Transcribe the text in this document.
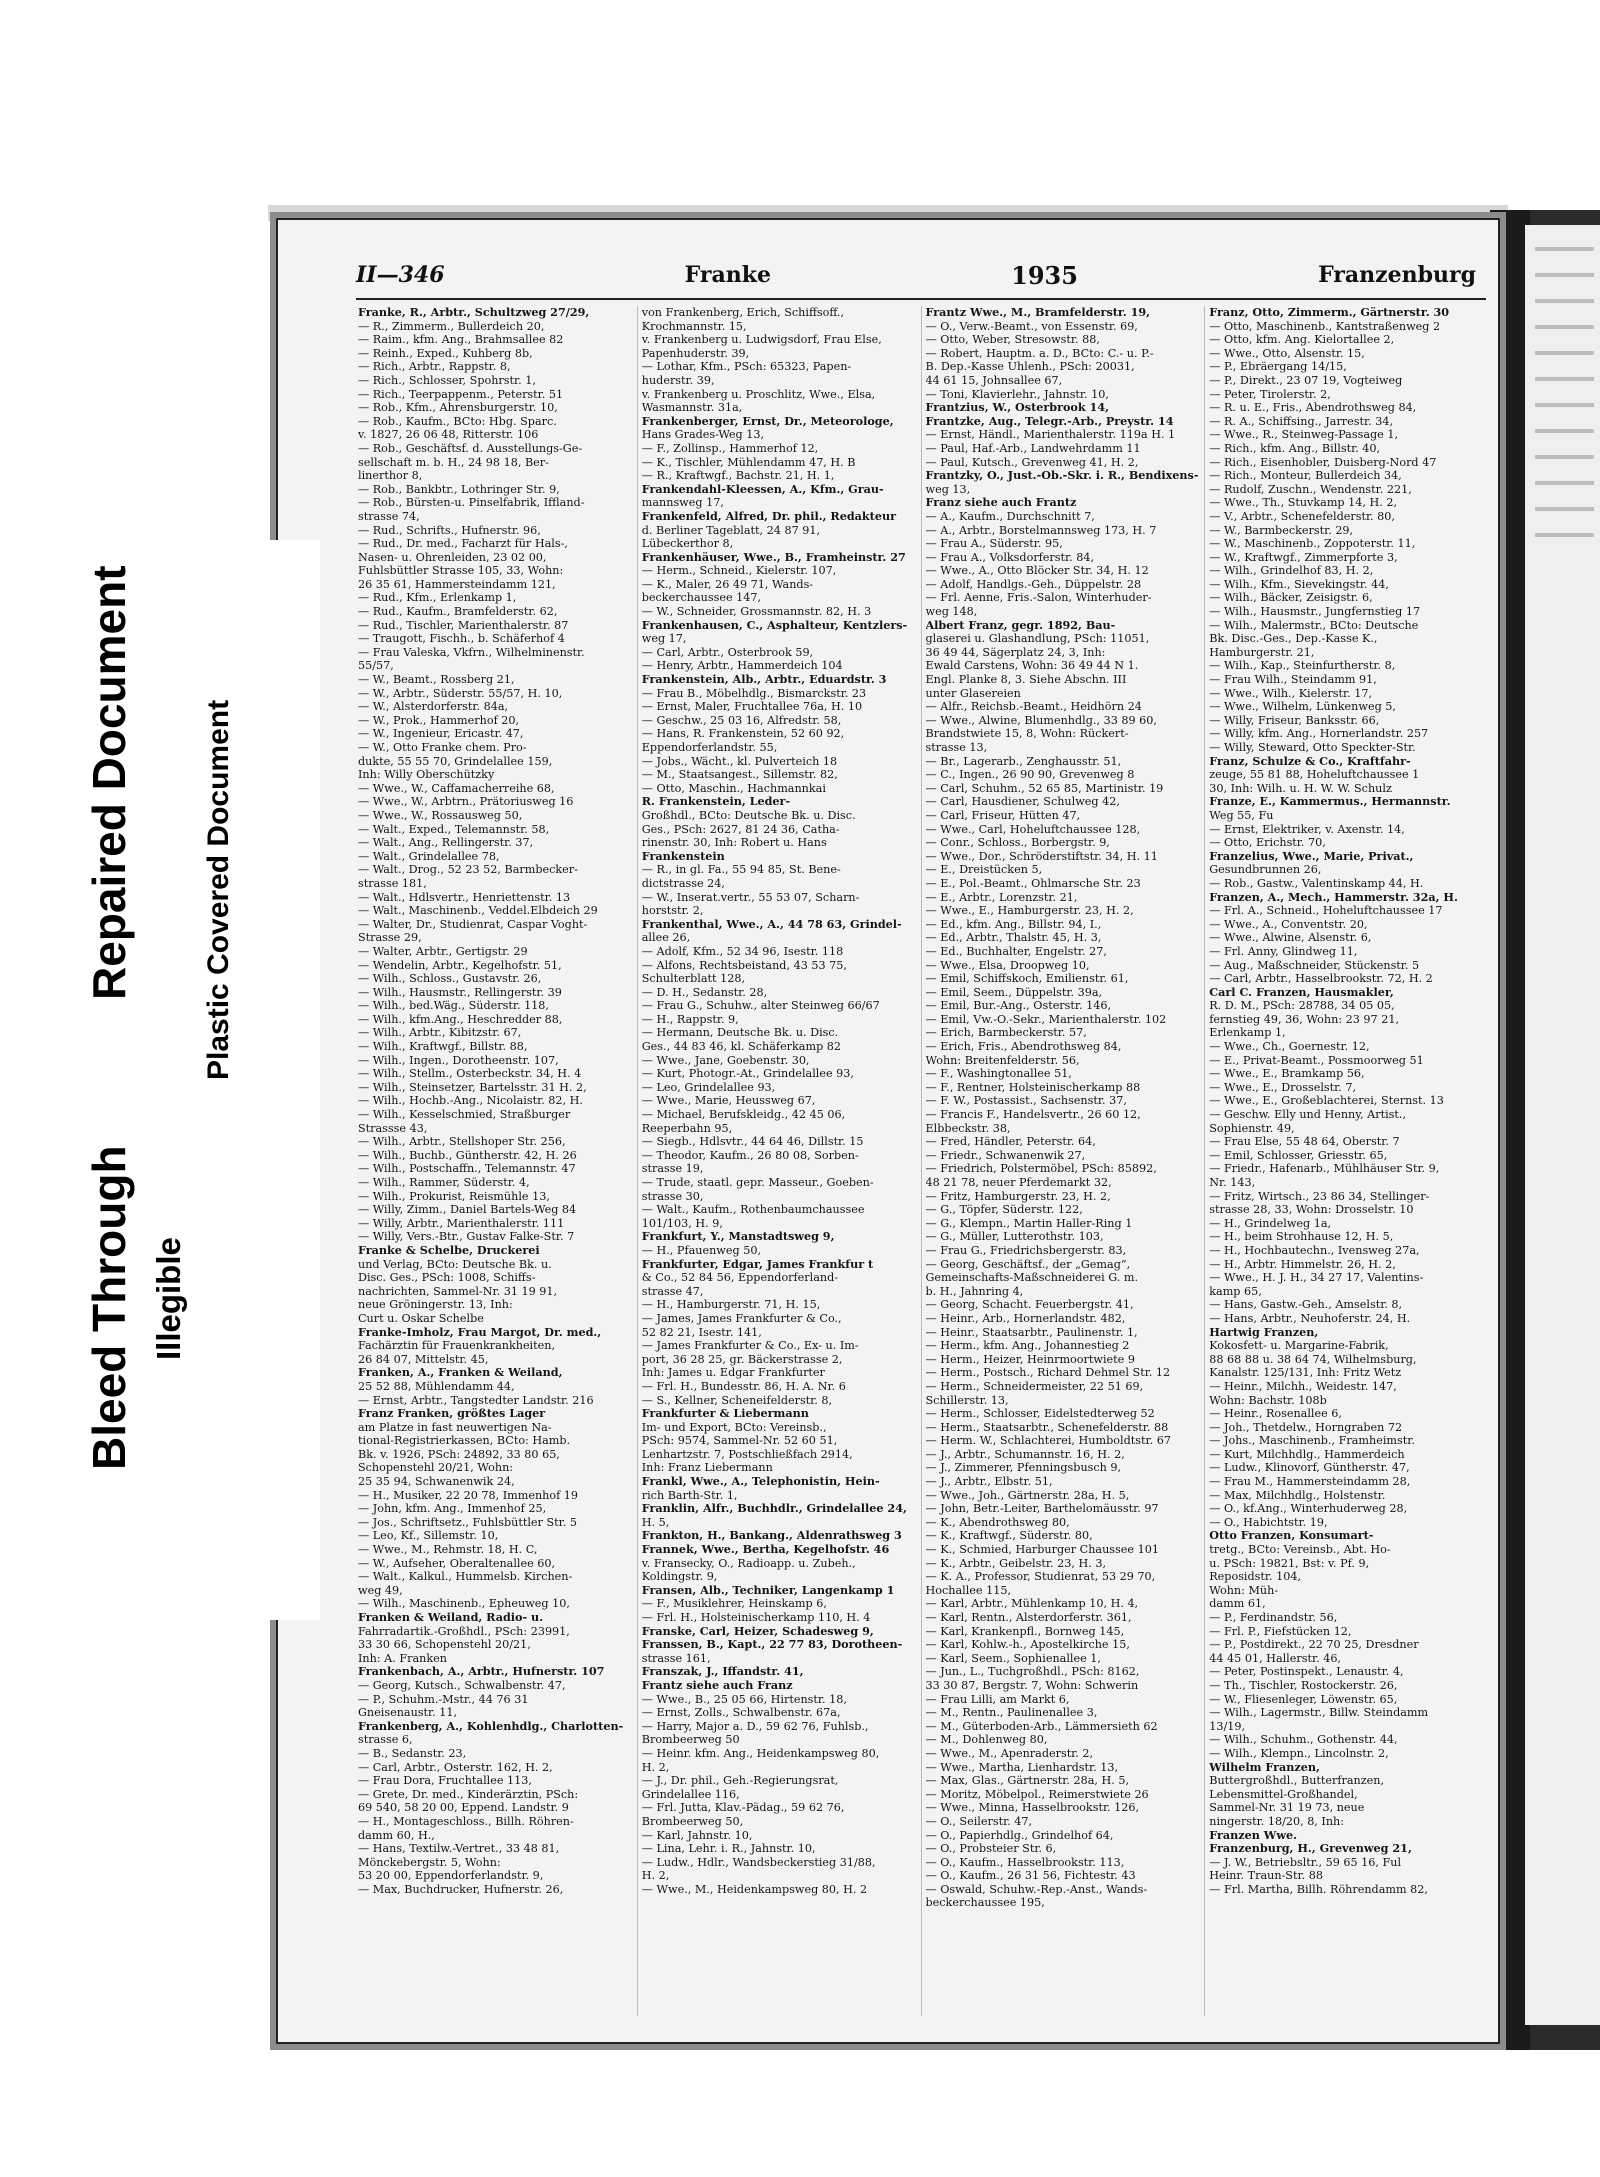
II—346	Franke	1935	Franzenburg
Franke, R., Arbtr., Schultzweg 27/29,
— R., Zimmerm., Bullerdeich 20,
— Raim., kfm. Ang., Brahmsallee 82
— Reinh., Exped., Kuhberg 8b,
— Rich., Arbtr., Rappstr. 8,
— Rich., Schlosser, Spohrstr. 1,
— Rich., Teerpappenm., Peterstr. 51
— Rob., Kfm., Ahrensburgerstr. 10,
— Rob., Kaufm., BCto: Hbg. Sparc.
v. 1827, 26 06 48, Ritterstr. 106
— Rob., Geschäftsf. d. Ausstellungs-Ge-
sellschaft m. b. H., 24 98 18, Ber-
linerthor 8,
— Rob., Bankbtr., Lothringer Str. 9,
— Rob., Bürsten-u. Pinselfabrik, Iffland-
strasse 74,
— Rud., Schrifts., Hufnerstr. 96,
— Rud., Dr. med., Facharzt für Hals-,
Nasen- u. Ohrenleiden, 23 02 00,
Fuhlsbüttler Strasse 105, 33, Wohn:
26 35 61, Hammersteindamm 121,
— Rud., Kfm., Erlenkamp 1,
— Rud., Kaufm., Bramfelderstr. 62,
— Rud., Tischler, Marienthalerstr. 87
— Traugott, Fischh., b. Schäferhof 4
— Frau Valeska, Vkfrn., Wilhelminenstr.
55/57,
— W., Beamt., Rossberg 21,
— W., Arbtr., Süderstr. 55/57, H. 10,
— W., Alsterdorferstr. 84a,
— W., Prok., Hammerhof 20,
— W., Ingenieur, Ericastr. 47,
— W., Otto Franke chem. Pro-
dukte, 55 55 70, Grindelallee 159,
Inh: Willy Oberschützky
— Wwe., W., Caffamacherreihe 68,
— Wwe., W., Arbtrn., Prätoriusweg 16
— Wwe., W., Rossausweg 50,
— Walt., Exped., Telemannstr. 58,
— Walt., Ang., Rellingerstr. 37,
— Walt., Grindelallee 78,
— Walt., Drog., 52 23 52, Barmbecker-
strasse 181,
— Walt., Hdlsvertr., Henriettenstr. 13
— Walt., Maschinenb., Veddel.Elbdeich 29
— Walter, Dr., Studienrat, Caspar Voght-
Strasse 29,
— Walter, Arbtr., Gertigstr. 29
— Wendelin, Arbtr., Kegelhofstr. 51,
— Wilh., Schloss., Gustavstr. 26,
— Wilh., Hausmstr., Rellingerstr. 39
— Wilh., bed.Wäg., Süderstr. 118,
— Wilh., kfm.Ang., Heschredder 88,
— Wilh., Arbtr., Kibitzstr. 67,
— Wilh., Kraftwgf., Billstr. 88,
— Wilh., Ingen., Dorotheenstr. 107,
— Wilh., Stellm., Osterbeckstr. 34, H. 4
— Wilh., Steinsetzer, Bartelsstr. 31 H. 2,
— Wilh., Hochb.-Ang., Nicolaistr. 82, H.
— Wilh., Kesselschmied, Straßburger
Strassse 43,
— Wilh., Arbtr., Stellshoper Str. 256,
— Wilh., Buchb., Güntherstr. 42, H. 26
— Wilh., Postschaffn., Telemannstr. 47
— Wilh., Rammer, Süderstr. 4,
— Wilh., Prokurist, Reismühle 13,
— Willy, Zimm., Daniel Bartels-Weg 84
— Willy, Arbtr., Marienthalerstr. 111
— Willy, Vers.-Btr., Gustav Falke-Str. 7
Franke & Schelbe, Druckerei
und Verlag, BCto: Deutsche Bk. u.
Disc. Ges., PSch: 1008, Schiffs-
nachrichten, Sammel-Nr. 31 19 91,
neue Gröningerstr. 13, Inh:
Curt u. Oskar Schelbe
Franke-Imholz, Frau Margot, Dr. med.,
Fachärztin für Frauenkrankheiten,
26 84 07, Mittelstr. 45,
Franken, A., Franken & Weiland,
25 52 88, Mühlendamm 44,
— Ernst, Arbtr., Tangstedter Landstr. 216
Franz Franken, größtes Lager
am Platze in fast neuwertigen Na-
tional-Registrierkassen, BCto: Hamb.
Bk. v. 1926, PSch: 24892, 33 80 65,
Schopenstehl 20/21, Wohn:
25 35 94, Schwanenwik 24,
— H., Musiker, 22 20 78, Immenhof 19
— John, kfm. Ang., Immenhof 25,
— Jos., Schriftsetz., Fuhlsbüttler Str. 5
— Leo, Kf., Sillemstr. 10,
— Wwe., M., Rehmstr. 18, H. C,
— W., Aufseher, Oberaltenallee 60,
— Walt., Kalkul., Hummelsb. Kirchen-
weg 49,
— Wilh., Maschinenb., Epheuweg 10,
Franken & Weiland, Radio- u.
Fahrradartik.-Großhdl., PSch: 23991,
33 30 66, Schopenstehl 20/21,
Inh: A. Franken
Frankenbach, A., Arbtr., Hufnerstr. 107
— Georg, Kutsch., Schwalbenstr. 47,
— P., Schuhm.-Mstr., 44 76 31
Gneisenaustr. 11,
Frankenberg, A., Kohlenhdlg., Charlotten-
strasse 6,
— B., Sedanstr. 23,
— Carl, Arbtr., Osterstr. 162, H. 2,
— Frau Dora, Fruchtallee 113,
— Grete, Dr. med., Kinderärztin, PSch:
69 540, 58 20 00, Eppend. Landstr. 9
— H., Montageschloss., Billh. Röhren-
damm 60, H.,
— Hans, Textilw.-Vertret., 33 48 81,
Mönckebergstr. 5, Wohn:
53 20 00, Eppendorferlandstr. 9,
— Max, Buchdrucker, Hufnerstr. 26,
von Frankenberg, Erich, Schiffsoff.,
Krochmannstr. 15,
v. Frankenberg u. Ludwigsdorf, Frau Else,
Papenhuderstr. 39,
— Lothar, Kfm., PSch: 65323, Papen-
huderstr. 39,
v. Frankenberg u. Proschlitz, Wwe., Elsa,
Wasmannstr. 31a,
Frankenberger, Ernst, Dr., Meteorologe,
Hans Grades-Weg 13,
— F., Zollinsp., Hammerhof 12,
— K., Tischler, Mühlendamm 47, H. B
— R., Kraftwgf., Bachstr. 21, H. 1,
Frankendahl-Kleessen, A., Kfm., Grau-
mannsweg 17,
Frankenfeld, Alfred, Dr. phil., Redakteur
d. Berliner Tageblatt, 24 87 91,
Lübeckerthor 8,
Frankenhäuser, Wwe., B., Framheinstr. 27
— Herm., Schneid., Kielerstr. 107,
— K., Maler, 26 49 71, Wands-
beckerchaussee 147,
— W., Schneider, Grossmannstr. 82, H. 3
Frankenhausen, C., Asphalteur, Kentzlers-
weg 17,
— Carl, Arbtr., Osterbrook 59,
— Henry, Arbtr., Hammerdeich 104
Frankenstein, Alb., Arbtr., Eduardstr. 3
— Frau B., Möbelhdlg., Bismarckstr. 23
— Ernst, Maler, Fruchtallee 76a, H. 10
— Geschw., 25 03 16, Alfredstr. 58,
— Hans, R. Frankenstein, 52 60 92,
Eppendorferlandstr. 55,
— Jobs., Wächt., kl. Pulverteich 18
— M., Staatsangest., Sillemstr. 82,
— Otto, Maschin., Hachmannkai
R. Frankenstein, Leder-
Großhdl., BCto: Deutsche Bk. u. Disc.
Ges., PSch: 2627, 81 24 36, Catha-
rinenstr. 30, Inh: Robert u. Hans
Frankenstein
— R., in gl. Fa., 55 94 85, St. Bene-
dictstrasse 24,
— W., Inserat.vertr., 55 53 07, Scharn-
horststr. 2,
Frankenthal, Wwe., A., 44 78 63, Grindel-
allee 26,
— Adolf, Kfm., 52 34 96, Isestr. 118
— Alfons, Rechtsbeistand, 43 53 75,
Schulterblatt 128,
— D. H., Sedanstr. 28,
— Frau G., Schuhw., alter Steinweg 66/67
— H., Rappstr. 9,
— Hermann, Deutsche Bk. u. Disc.
Ges., 44 83 46, kl. Schäferkamp 82
— Wwe., Jane, Goebenstr. 30,
— Kurt, Photogr.-At., Grindelallee 93,
— Leo, Grindelallee 93,
— Wwe., Marie, Heussweg 67,
— Michael, Berufskleidg., 42 45 06,
Reeperbahn 95,
— Siegb., Hdlsvtr., 44 64 46, Dillstr. 15
— Theodor, Kaufm., 26 80 08, Sorben-
strasse 19,
— Trude, staatl. gepr. Masseur., Goeben-
strasse 30,
— Walt., Kaufm., Rothenbaumchaussee
101/103, H. 9,
Frankfurt, Y., Manstadtsweg 9,
— H., Pfauenweg 50,
Frankfurter, Edgar, James Frankfur t
& Co., 52 84 56, Eppendorferland-
strasse 47,
— H., Hamburgerstr. 71, H. 15,
— James, James Frankfurter & Co.,
52 82 21, Isestr. 141,
— James Frankfurter & Co., Ex- u. Im-
port, 36 28 25, gr. Bäckerstrasse 2,
Inh: James u. Edgar Frankfurter
— Frl. H., Bundesstr. 86, H. A. Nr. 6
— S., Kellner, Scheneifelderstr. 8,
Frankfurter & Liebermann
Im- und Export, BCto: Vereinsb.,
PSch: 9574, Sammel-Nr. 52 60 51,
Lenhartzstr. 7, Postschließfach 2914,
Inh: Franz Liebermann
Frankl, Wwe., A., Telephonistin, Hein-
rich Barth-Str. 1,
Franklin, Alfr., Buchhdlr., Grindelallee 24,
H. 5,
Frankton, H., Bankang., Aldenrathsweg 3
Frannek, Wwe., Bertha, Kegelhofstr. 46
v. Fransecky, O., Radioapp. u. Zubeh.,
Koldingstr. 9,
Fransen, Alb., Techniker, Langenkamp 1
— F., Musiklehrer, Heinskamp 6,
— Frl. H., Holsteinischerkamp 110, H. 4
Franske, Carl, Heizer, Schadesweg 9,
Franssen, B., Kapt., 22 77 83, Dorotheen-
strasse 161,
Franszak, J., Iffandstr. 41,
Frantz siehe auch Franz
— Wwe., B., 25 05 66, Hirtenstr. 18,
— Ernst, Zolls., Schwalbenstr. 67a,
— Harry, Major a. D., 59 62 76, Fuhlsb.,
Brombeerweg 50
— Heinr. kfm. Ang., Heidenkampsweg 80,
H. 2,
— J., Dr. phil., Geh.-Regierungsrat,
Grindelallee 116,
— Frl. Jutta, Klav.-Pädag., 59 62 76,
Brombeerweg 50,
— Karl, Jahnstr. 10,
— Lina, Lehr. i. R., Jahnstr. 10,
— Ludw., Hdlr., Wandsbeckerstieg 31/88,
H. 2,
— Wwe., M., Heidenkampsweg 80, H. 2
Frantz Wwe., M., Bramfelderstr. 19,
— O., Verw.-Beamt., von Essenstr. 69,
— Otto, Weber, Stresowstr. 88,
— Robert, Hauptm. a. D., BCto: C.- u. P.-
B. Dep.-Kasse Uhlenh., PSch: 20031,
44 61 15, Johnsallee 67,
— Toni, Klavierlehr., Jahnstr. 10,
Frantzius, W., Osterbrook 14,
Frantzke, Aug., Telegr.-Arb., Preystr. 14
— Ernst, Händl., Marienthalerstr. 119a H. 1
— Paul, Haf.-Arb., Landwehrdamm 11
— Paul, Kutsch., Grevenweg 41, H. 2,
Frantzky, O., Just.-Ob.-Skr. i. R., Bendixens-
weg 13,
Franz siehe auch Frantz
— A., Kaufm., Durchschnitt 7,
— A., Arbtr., Borstelmannsweg 173, H. 7
— Frau A., Süderstr. 95,
— Frau A., Volksdorferstr. 84,
— Wwe., A., Otto Blöcker Str. 34, H. 12
— Adolf, Handlgs.-Geh., Düppelstr. 28
— Frl. Aenne, Fris.-Salon, Winterhuder-
weg 148,
Albert Franz, gegr. 1892, Bau-
glaserei u. Glashandlung, PSch: 11051,
36 49 44, Sägerplatz 24, 3, Inh:
Ewald Carstens, Wohn: 36 49 44 N 1.
Engl. Planke 8, 3. Siehe Abschn. III
unter Glasereien
— Alfr., Reichsb.-Beamt., Heidhörn 24
— Wwe., Alwine, Blumenhdlg., 33 89 60,
Brandstwiete 15, 8, Wohn: Rückert-
strasse 13,
— Br., Lagerarb., Zenghausstr. 51,
— C., Ingen., 26 90 90, Grevenweg 8
— Carl, Schuhm., 52 65 85, Martinistr. 19
— Carl, Hausdiener, Schulweg 42,
— Carl, Friseur, Hütten 47,
— Wwe., Carl, Hoheluftchaussee 128,
— Conr., Schloss., Borbergstr. 9,
— Wwe., Dor., Schröderstiftstr. 34, H. 11
— E., Dreistücken 5,
— E., Pol.-Beamt., Ohlmarsche Str. 23
— E., Arbtr., Lorenzstr. 21,
— Wwe., E., Hamburgerstr. 23, H. 2,
— Ed., kfm. Ang., Billstr. 94, I.,
— Ed., Arbtr., Thalstr. 45, H. 3,
— Ed., Buchhalter, Engelstr. 27,
— Wwe., Elsa, Droopweg 10,
— Emil, Schiffskoch, Emilienstr. 61,
— Emil, Seem., Düppelstr. 39a,
— Emil, Bur.-Ang., Osterstr. 146,
— Emil, Vw.-O.-Sekr., Marienthalerstr. 102
— Erich, Barmbeckerstr. 57,
— Erich, Fris., Abendrothsweg 84,
Wohn: Breitenfelderstr. 56,
— F., Washingtonallee 51,
— F., Rentner, Holsteinischerkamp 88
— F. W., Postassist., Sachsenstr. 37,
— Francis F., Handelsvertr., 26 60 12,
Elbbeckstr. 38,
— Fred, Händler, Peterstr. 64,
— Friedr., Schwanenwik 27,
— Friedrich, Polstermöbel, PSch: 85892,
48 21 78, neuer Pferdemarkt 32,
— Fritz, Hamburgerstr. 23, H. 2,
— G., Töpfer, Süderstr. 122,
— G., Klempn., Martin Haller-Ring 1
— G., Müller, Lutterothstr. 103,
— Frau G., Friedrichsbergerstr. 83,
— Georg, Geschäftsf., der „Gemag“,
Gemeinschafts-Maßschneiderei G. m.
b. H., Jahnring 4,
— Georg, Schacht. Feuerbergstr. 41,
— Heinr., Arb., Hornerlandstr. 482,
— Heinr., Staatsarbtr., Paulinenstr. 1,
— Herm., kfm. Ang., Johannestieg 2
— Herm., Heizer, Heinrmoortwiete 9
— Herm., Postsch., Richard Dehmel Str. 12
— Herm., Schneidermeister, 22 51 69,
Schillerstr. 13,
— Herm., Schlosser, Eidelstedterweg 52
— Herm., Staatsarbtr., Schenefelderstr. 88
— Herm. W., Schlachterei, Humboldtstr. 67
— J., Arbtr., Schumannstr. 16, H. 2,
— J., Zimmerer, Pfenningsbusch 9,
— J., Arbtr., Elbstr. 51,
— Wwe., Joh., Gärtnerstr. 28a, H. 5,
— John, Betr.-Leiter, Barthelomäusstr. 97
— K., Abendrothsweg 80,
— K., Kraftwgf., Süderstr. 80,
— K., Schmied, Harburger Chaussee 101
— K., Arbtr., Geibelstr. 23, H. 3,
— K. A., Professor, Studienrat, 53 29 70,
Hochallee 115,
— Karl, Arbtr., Mühlenkamp 10, H. 4,
— Karl, Rentn., Alsterdorferstr. 361,
— Karl, Krankenpfl., Bornweg 145,
— Karl, Kohlw.-h., Apostelkirche 15,
— Karl, Seem., Sophienallee 1,
— Jun., L., Tuchgroßhdl., PSch: 8162,
33 30 87, Bergstr. 7, Wohn: Schwerin
— Frau Lilli, am Markt 6,
— M., Rentn., Paulinenallee 3,
— M., Güterboden-Arb., Lämmersieth 62
— M., Dohlenweg 80,
— Wwe., M., Apenraderstr. 2,
— Wwe., Martha, Lienhardstr. 13,
— Max, Glas., Gärtnerstr. 28a, H. 5,
— Moritz, Möbelpol., Reimerstwiete 26
— Wwe., Minna, Hasselbrookstr. 126,
— O., Seilerstr. 47,
— O., Papierhdlg., Grindelhof 64,
— O., Probsteier Str. 6,
— O., Kaufm., Hasselbrookstr. 113,
— O., Kaufm., 26 31 56, Fichtestr. 43
— Oswald, Schuhw.-Rep.-Anst., Wands-
beckerchaussee 195,
Franz, Otto, Zimmerm., Gärtnerstr. 30
— Otto, Maschinenb., Kantstraßenweg 2
— Otto, kfm. Ang. Kielortallee 2,
— Wwe., Otto, Alsenstr. 15,
— P., Ebräergang 14/15,
— P., Direkt., 23 07 19, Vogteiweg
— Peter, Tirolerstr. 2,
— R. u. E., Fris., Abendrothsweg 84,
— R. A., Schiffsing., Jarrestr. 34,
— Wwe., R., Steinweg-Passage 1,
— Rich., kfm. Ang., Billstr. 40,
— Rich., Eisenhobler, Duisberg-Nord 47
— Rich., Monteur, Bullerdeich 34,
— Rudolf, Zuschn., Wendenstr. 221,
— Wwe., Th., Stuvkamp 14, H. 2,
— V., Arbtr., Schenefelderstr. 80,
— W., Barmbeckerstr. 29,
— W., Maschinenb., Zoppoterstr. 11,
— W., Kraftwgf., Zimmerpforte 3,
— Wilh., Grindelhof 83, H. 2,
— Wilh., Kfm., Sievekingstr. 44,
— Wilh., Bäcker, Zeisigstr. 6,
— Wilh., Hausmstr., Jungfernstieg 17
— Wilh., Malermstr., BCto: Deutsche
Bk. Disc.-Ges., Dep.-Kasse K.,
Hamburgerstr. 21,
— Wilh., Kap., Steinfurtherstr. 8,
— Frau Wilh., Steindamm 91,
— Wwe., Wilh., Kielerstr. 17,
— Wwe., Wilhelm, Lünkenweg 5,
— Willy, Friseur, Banksstr. 66,
— Willy, kfm. Ang., Hornerlandstr. 257
— Willy, Steward, Otto Speckter-Str.
Franz, Schulze & Co., Kraftfahr-
zeuge, 55 81 88, Hoheluftchaussee 1
30, Inh: Wilh. u. H. W. W. Schulz
Franze, E., Kammermus., Hermannstr.
Weg 55, Fu
— Ernst, Elektriker, v. Axenstr. 14,
— Otto, Erichstr. 70,
Franzelius, Wwe., Marie, Privat.,
Gesundbrunnen 26,
— Rob., Gastw., Valentinskamp 44, H.
Franzen, A., Mech., Hammerstr. 32a, H.
— Frl. A., Schneid., Hoheluftchaussee 17
— Wwe., A., Conventstr. 20,
— Wwe., Alwine, Alsenstr. 6,
— Frl. Anny, Glindweg 11,
— Aug., Maßschneider, Stückenstr. 5
— Carl, Arbtr., Hasselbrookstr. 72, H. 2
Carl C. Franzen, Hausmakler,
R. D. M., PSch: 28788, 34 05 05,
fernstieg 49, 36, Wohn: 23 97 21,
Erlenkamp 1,
— Wwe., Ch., Goernestr. 12,
— E., Privat-Beamt., Possmoorweg 51
— Wwe., E., Bramkamp 56,
— Wwe., E., Drosselstr. 7,
— Wwe., E., Großeblachterei, Sternst. 13
— Geschw. Elly und Henny, Artist.,
Sophienstr. 49,
— Frau Else, 55 48 64, Oberstr. 7
— Emil, Schlosser, Griesstr. 65,
— Friedr., Hafenarb., Mühlhäuser Str. 9,
Nr. 143,
— Fritz, Wirtsch., 23 86 34, Stellinger-
strasse 28, 33, Wohn: Drosselstr. 10
— H., Grindelweg 1a,
— H., beim Strohhause 12, H. 5,
— H., Hochbautechn., Ivensweg 27a,
— H., Arbtr. Himmelstr. 26, H. 2,
— Wwe., H. J. H., 34 27 17, Valentins-
kamp 65,
— Hans, Gastw.-Geh., Amselstr. 8,
— Hans, Arbtr., Neuhoferstr. 24, H.
Hartwig Franzen,
Kokosfett- u. Margarine-Fabrik,
88 68 88 u. 38 64 74, Wilhelmsburg,
Kanalstr. 125/131, Inh: Fritz Wetz
— Heinr., Milchh., Weidestr. 147,
Wohn: Bachstr. 108b
— Heinr., Rosenallee 6,
— Joh., Thetdelw., Horngraben 72
— Johs., Maschinenb., Framheimstr.
— Kurt, Milchhdlg., Hammerdeich
— Ludw., Klinovorf, Güntherstr. 47,
— Frau M., Hammersteindamm 28,
— Max, Milchhdlg., Holstenstr.
— O., kf.Ang., Winterhuderweg 28,
— O., Habichtstr. 19,
Otto Franzen, Konsumart-
tretg., BCto: Vereinsb., Abt. Ho-
u. PSch: 19821, Bst: v. Pf. 9,
Reposidstr. 104,
Wohn: Müh-
damm 61,
— P., Ferdinandstr. 56,
— Frl. P., Fiefstücken 12,
— P., Postdirekt., 22 70 25, Dresdner
44 45 01, Hallerstr. 46,
— Peter, Postinspekt., Lenaustr. 4,
— Th., Tischler, Rostockerstr. 26,
— W., Fliesenleger, Löwenstr. 65,
— Wilh., Lagermstr., Billw. Steindamm
13/19,
— Wilh., Schuhm., Gothenstr. 44,
— Wilh., Klempn., Lincolnstr. 2,
Wilhelm Franzen,
Buttergroßhdl., Butterfranzen,
Lebensmittel-Großhandel,
Sammel-Nr. 31 19 73, neue
ningerstr. 18/20, 8, Inh:
Franzen Wwe.
Franzenburg, H., Grevenweg 21,
— J. W., Betriebsltr., 59 65 16, Ful
Heinr. Traun-Str. 88
— Frl. Martha, Billh. Röhrendamm 82,
Bleed Through
Repaired Document
Illegible
Plastic Covered Document
